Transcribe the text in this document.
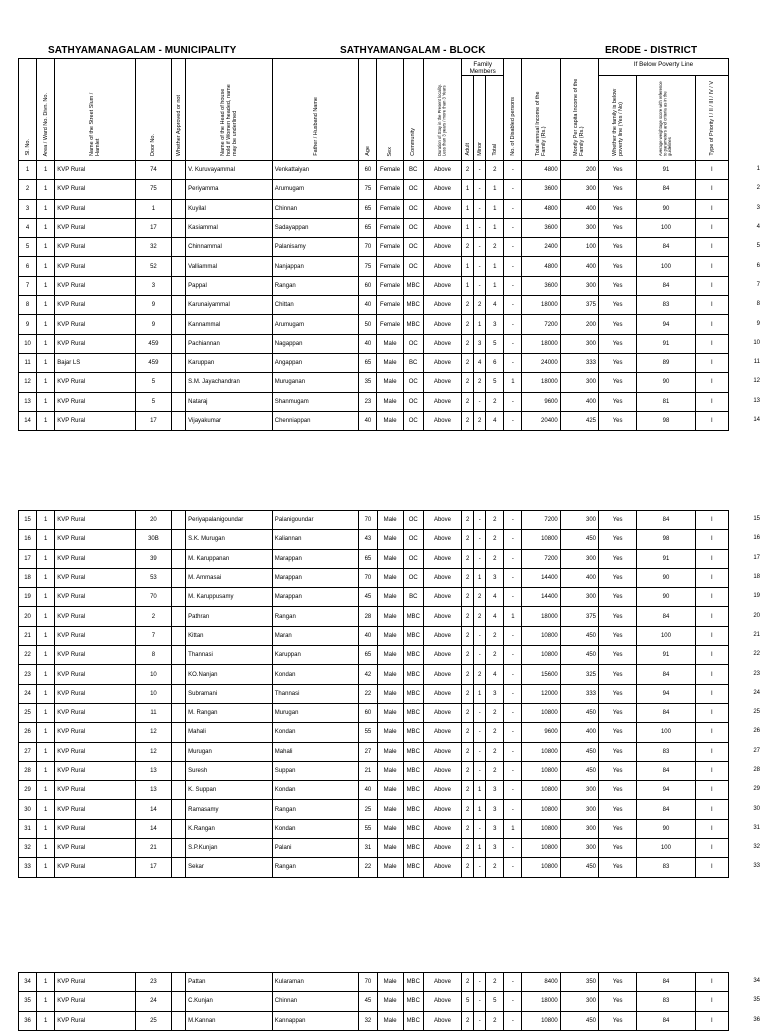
SATHYAMANAGALAM - MUNICIPALITY	SATHYAMANGALAM - BLOCK	ERODE - DISTRICT
Sl. No.	Area / Ward No. Divn. No.	Name of the Street Slum / Hamlet	Door No.	Whether Approved or not	Name of the Head of house hold if Women headed, name may be underlined	Father / Husband Name	Age	Sex	Community	Duration of Stay in the Present locality. Less than 3 years / more than 3 Years	Family Members			No. of Disabled persons	Total annual Income of the Family (Rs.)	Montly Per capita Income of the Family (Rs.)	If Below Poverty Line		
											Adult	Minor	Total				Whether the family is below poverty line (Yes / No)	Average weightage score with reference to parameters and criteria as in the guidelines	Type of Priority I / II / III / IV / V
1	1	KVP Rural	74		V. Kuruvayammal	Venkattaiyan	60	Female	BC	Above	2	-	2	-	4800	200	Yes	91	I
2	1	KVP Rural	75		Periyamma	Arumugam	75	Female	OC	Above	1	-	1	-	3600	300	Yes	84	I
3	1	KVP Rural	1		Kuyilal	Chinnan	65	Female	OC	Above	1	-	1	-	4800	400	Yes	90	I
4	1	KVP Rural	17		Kasiammal	Sadayappan	65	Female	OC	Above	1	-	1	-	3600	300	Yes	100	I
5	1	KVP Rural	32		Chinnammal	Palanisamy	70	Female	OC	Above	2	-	2	-	2400	100	Yes	84	I
6	1	KVP Rural	52		Valliammal	Nanjappan	75	Female	OC	Above	1	-	1	-	4800	400	Yes	100	I
7	1	KVP Rural	3		Pappal	Rangan	60	Female	MBC	Above	1	-	1	-	3600	300	Yes	84	I
8	1	KVP Rural	9		Karunaiyammal	Chittan	40	Female	MBC	Above	2	2	4	-	18000	375	Yes	83	I
9	1	KVP Rural	9		Kannammal	Arumugam	50	Female	MBC	Above	2	1	3	-	7200	200	Yes	94	I
10	1	KVP Rural	459		Pachiannan	Nagappan	40	Male	OC	Above	2	3	5	-	18000	300	Yes	91	I
11	1	Bajar LS	459		Karuppan	Angappan	65	Male	BC	Above	2	4	6	-	24000	333	Yes	89	I
12	1	KVP Rural	5		S.M. Jayachandran	Muruganan	35	Male	OC	Above	2	2	5	1	18000	300	Yes	90	I
13	1	KVP Rural	5		Nataraj	Shanmugam	23	Male	OC	Above	2	-	2	-	9600	400	Yes	81	I
14	1	KVP Rural	17		Vijayakumar	Chenniappan	40	Male	OC	Above	2	2	4	-	20400	425	Yes	98	I
15	1	KVP Rural	20		Periyapalanigoundar	Palanigoundar	70	Male	OC	Above	2	-	2	-	7200	300	Yes	84	I
16	1	KVP Rural	30B		S.K. Murugan	Kaliannan	43	Male	OC	Above	2	-	2	-	10800	450	Yes	98	I
17	1	KVP Rural	39		M. Karuppanan	Marappan	65	Male	OC	Above	2	-	2	-	7200	300	Yes	91	I
18	1	KVP Rural	53		M. Ammasai	Marappan	70	Male	OC	Above	2	1	3	-	14400	400	Yes	90	I
19	1	KVP Rural	70		M. Karuppusamy	Marappan	45	Male	BC	Above	2	2	4	-	14400	300	Yes	90	I
20	1	KVP Rural	2		Pathran	Rangan	28	Male	MBC	Above	2	2	4	1	18000	375	Yes	84	I
21	1	KVP Rural	7		Kittan	Maran	40	Male	MBC	Above	2	-	2	-	10800	450	Yes	100	I
22	1	KVP Rural	8		Thannasi	Karuppan	65	Male	MBC	Above	2	-	2	-	10800	450	Yes	91	I
23	1	KVP Rural	10		KO.Nanjan	Kondan	42	Male	MBC	Above	2	2	4	-	15600	325	Yes	84	I
24	1	KVP Rural	10		Subramani	Thannasi	22	Male	MBC	Above	2	1	3	-	12000	333	Yes	94	I
25	1	KVP Rural	11		M. Rangan	Murugan	60	Male	MBC	Above	2	-	2	-	10800	450	Yes	84	I
26	1	KVP Rural	12		Mahali	Kondan	55	Male	MBC	Above	2	-	2	-	9600	400	Yes	100	I
27	1	KVP Rural	12		Murugan	Mahali	27	Male	MBC	Above	2	-	2	-	10800	450	Yes	83	I
28	1	KVP Rural	13		Suresh	Suppan	21	Male	MBC	Above	2	-	2	-	10800	450	Yes	84	I
29	1	KVP Rural	13		K. Suppan	Kondan	40	Male	MBC	Above	2	1	3	-	10800	300	Yes	94	I
30	1	KVP Rural	14		Ramasamy	Rangan	25	Male	MBC	Above	2	1	3	-	10800	300	Yes	84	I
31	1	KVP Rural	14		K.Rangan	Kondan	55	Male	MBC	Above	2	-	3	1	10800	300	Yes	90	I
32	1	KVP Rural	21		S.P.Kunjan	Palani	31	Male	MBC	Above	2	1	3	-	10800	300	Yes	100	I
33	1	KVP Rural	17		Sekar	Rangan	22	Male	MBC	Above	2	-	2	-	10800	450	Yes	83	I
34	1	KVP Rural	23		Pattan	Kularaman	70	Male	MBC	Above	2	-	2	-	8400	350	Yes	84	I
35	1	KVP Rural	24		C.Kunjan	Chinnan	45	Male	MBC	Above	5	-	5	-	18000	300	Yes	83	I
36	1	KVP Rural	25		M.Kannan	Kannappan	32	Male	MBC	Above	2	-	2	-	10800	450	Yes	84	I
1
2
3
4
5
6
7
8
9
10
11
12
13
14
15
16
17
18
19
20
21
22
23
24
25
26
27
28
29
30
31
32
33
34
35
36
